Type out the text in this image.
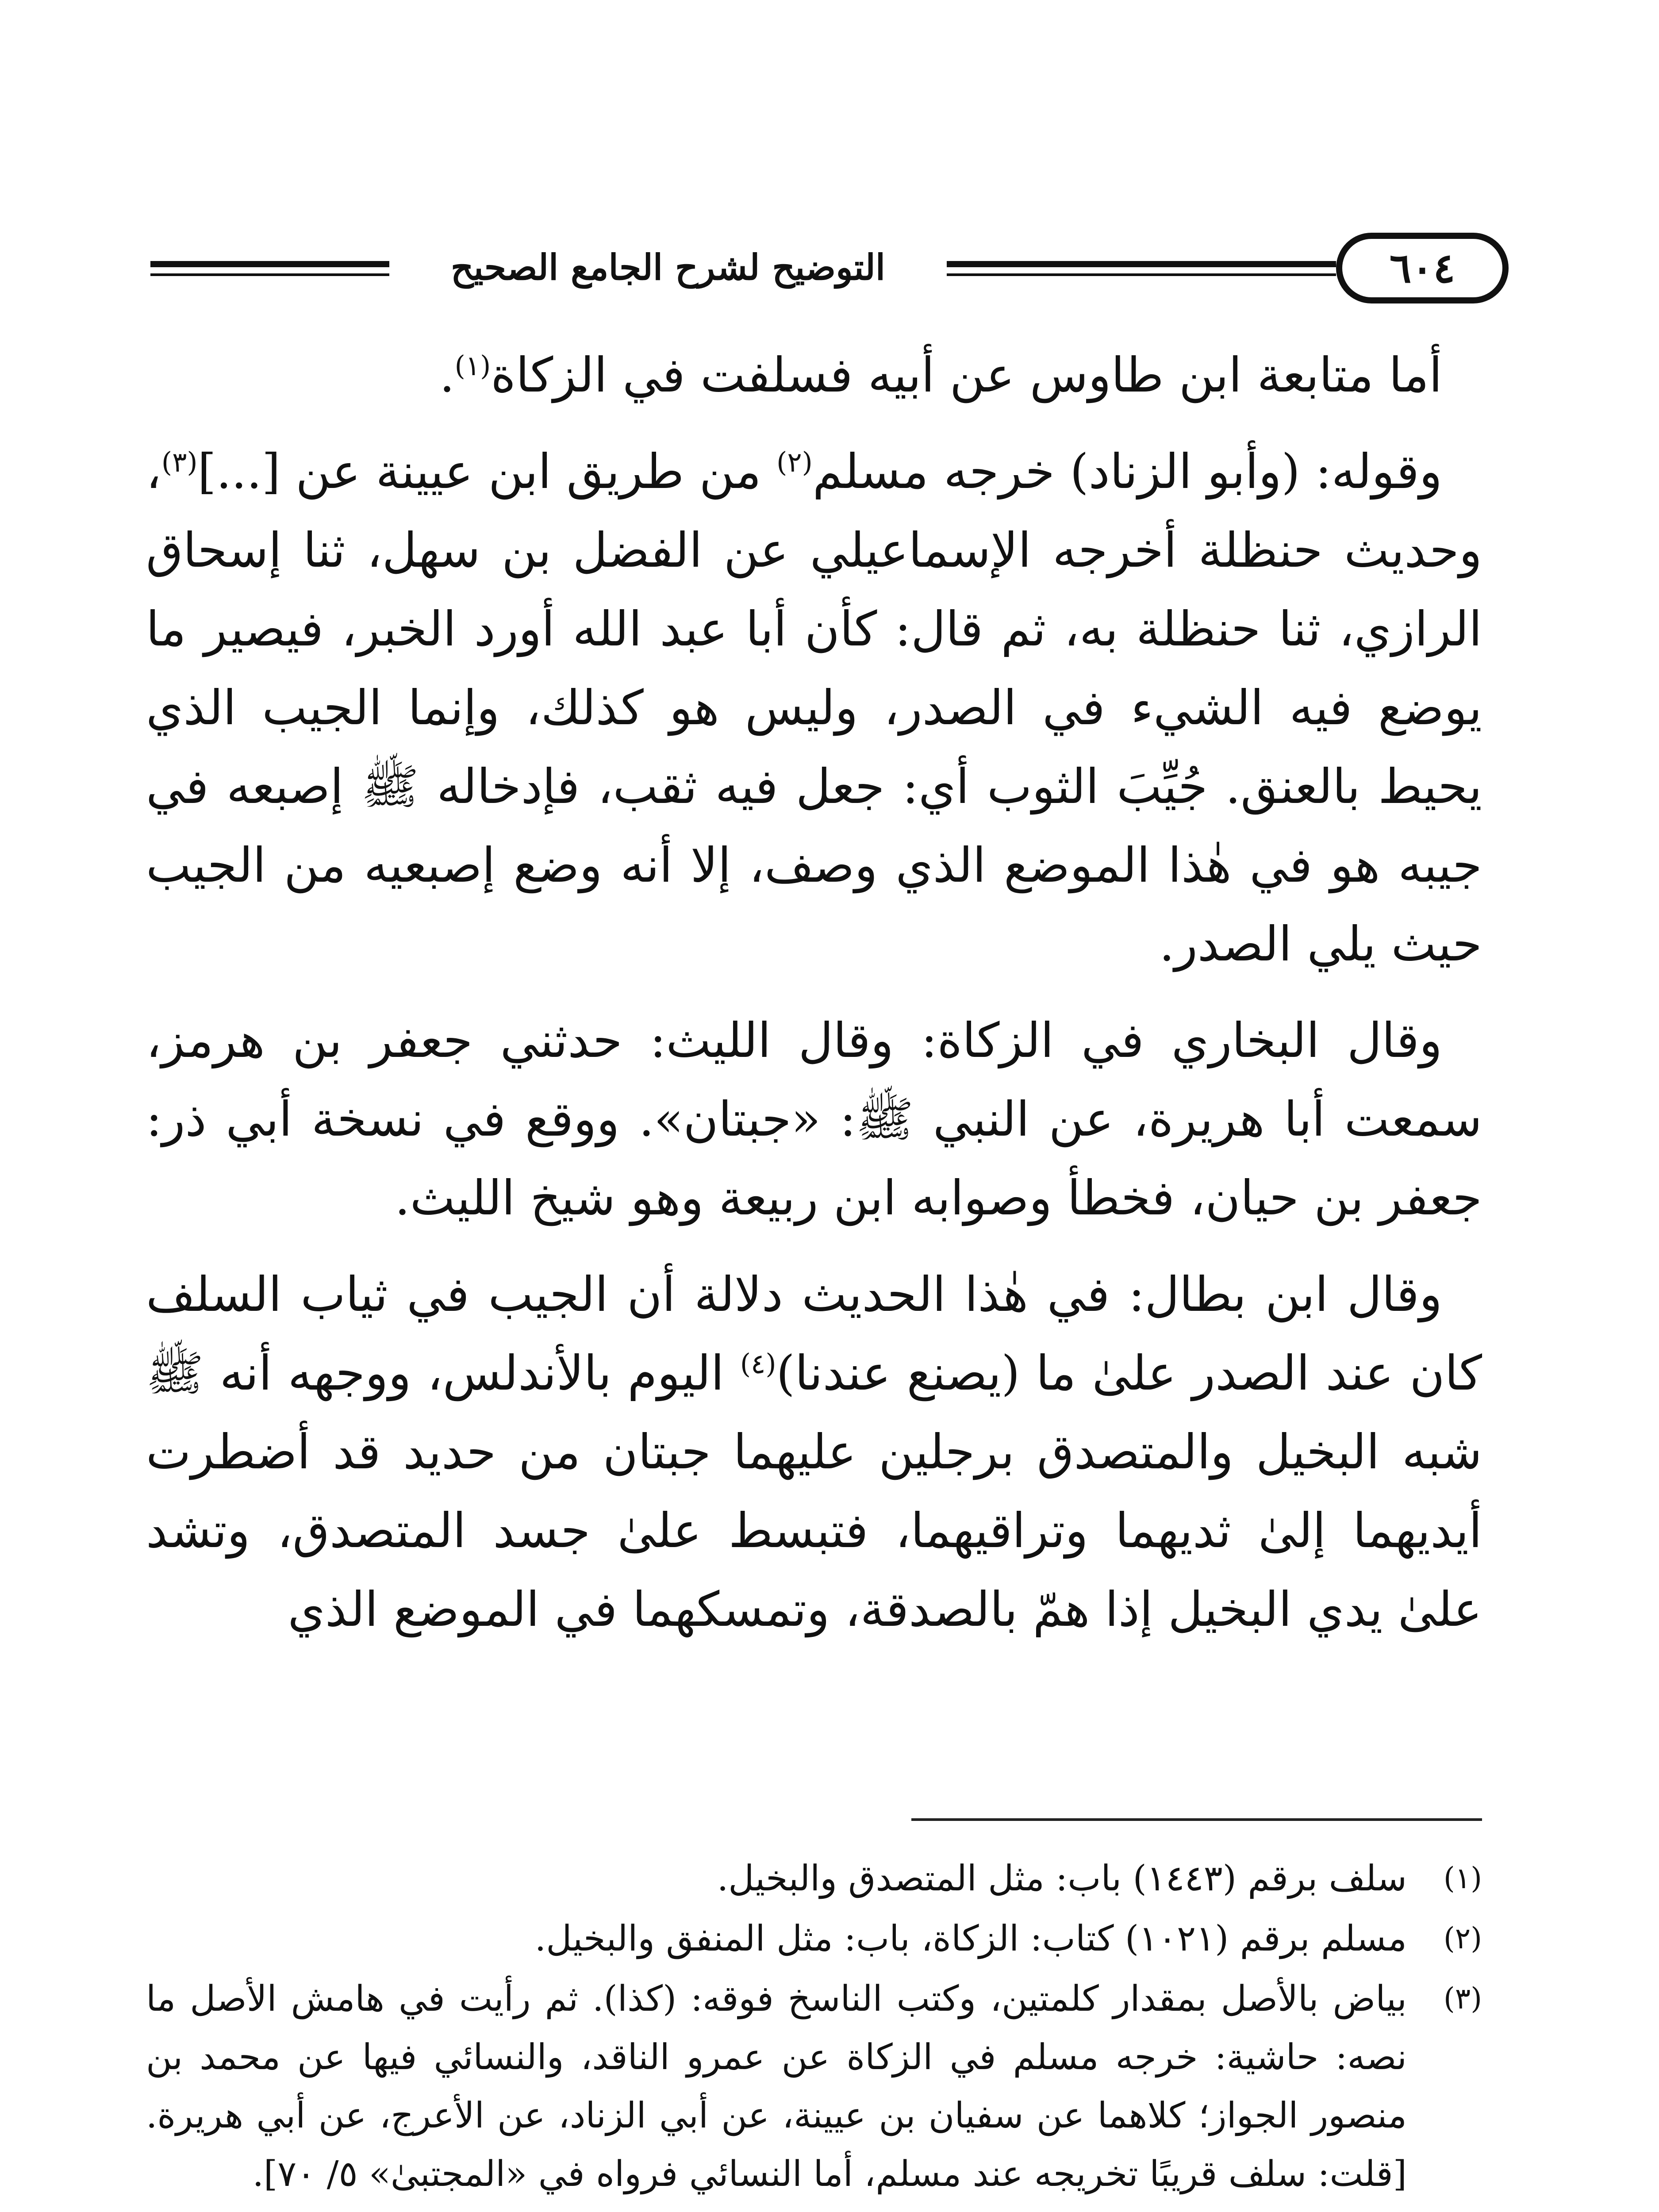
٦٠٤
التوضيح لشرح الجامع الصحيح

أما متابعة ابن طاوس عن أبيه فسلفت في الزكاة$^{(١)}$.

وقوله: (وأبو الزناد) خرجه مسلم$^{(٢)}$ من طريق ابن عيينة عن [...]$^{(٣)}$، وحديث حنظلة أخرجه الإسماعيلي عن الفضل بن سهل، ثنا إسحاق الرازي، ثنا حنظلة به، ثم قال: كأن أبا عبد الله أورد الخبر، فيصير ما يوضع فيه الشيء في الصدر، وليس هو كذلك، وإنما الجيب الذي يحيط بالعنق. جُيِّبَ الثوب أي: جعل فيه ثقب، فإدخاله ﷺ إصبعه في جيبه هو في هٰذا الموضع الذي وصف، إلا أنه وضع إصبعيه من الجيب حيث يلي الصدر.

وقال البخاري في الزكاة: وقال الليث: حدثني جعفر بن هرمز، سمعت أبا هريرة، عن النبي ﷺ: «جبتان». ووقع في نسخة أبي ذر: جعفر بن حيان، فخطأ وصوابه ابن ربيعة وهو شيخ الليث.

وقال ابن بطال: في هٰذا الحديث دلالة أن الجيب في ثياب السلف كان عند الصدر علىٰ ما (يصنع عندنا)$^{(٤)}$ اليوم بالأندلس، ووجهه أنه ﷺ شبه البخيل والمتصدق برجلين عليهما جبتان من حديد قد أضطرت أيديهما إلىٰ ثديهما وتراقيهما، فتبسط علىٰ جسد المتصدق، وتشد علىٰ يدي البخيل إذا همّ بالصدقة، وتمسكهما في الموضع الذي

(١)
سلف برقم (١٤٤٣) باب: مثل المتصدق والبخيل.
(٢)
مسلم برقم (١٠٢١) كتاب: الزكاة، باب: مثل المنفق والبخيل.
(٣)
بياض بالأصل بمقدار كلمتين، وكتب الناسخ فوقه: (كذا). ثم رأيت في هامش الأصل ما نصه: حاشية: خرجه مسلم في الزكاة عن عمرو الناقد، والنسائي فيها عن محمد بن منصور الجواز؛ كلاهما عن سفيان بن عيينة، عن أبي الزناد، عن الأعرج، عن أبي هريرة. [قلت: سلف قريبًا تخريجه عند مسلم، أما النسائي فرواه في «المجتبىٰ» ٥/ ٧٠].
